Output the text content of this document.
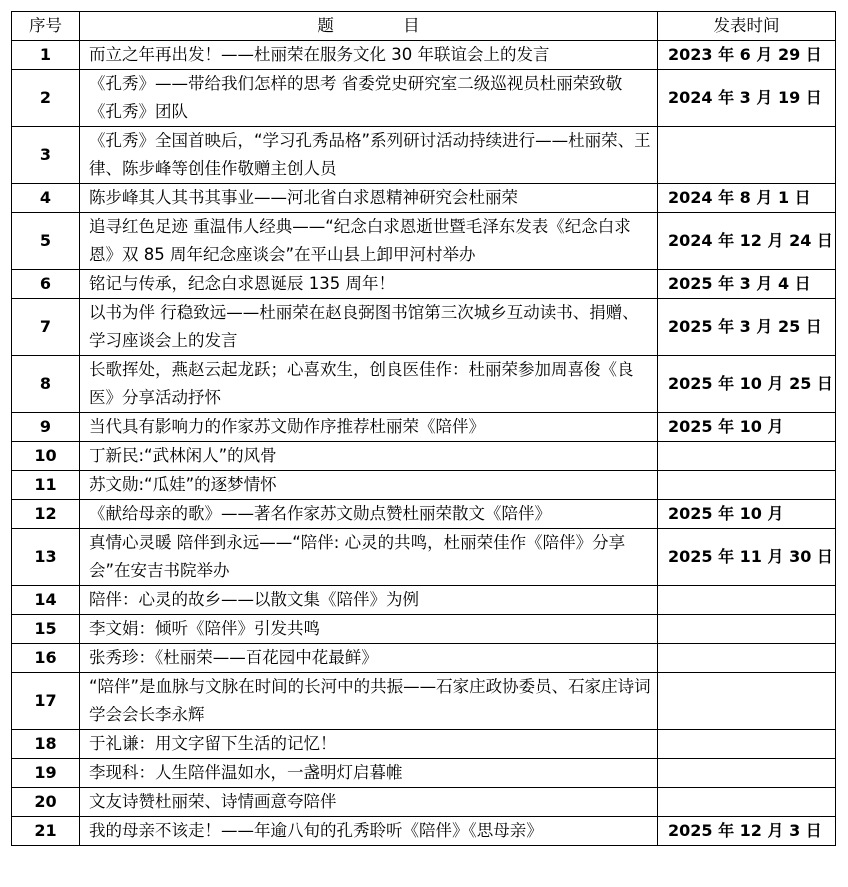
序号	题　目	发表时间
1	而立之年再出发！——杜丽荣在服务文化 30 年联谊会上的发言	2023 年 6 月 29 日
2	《孔秀》——带给我们怎样的思考 省委党史研究室二级巡视员杜丽荣致敬《孔秀》团队	2024 年 3 月 19 日
3	《孔秀》全国首映后，“学习孔秀品格”系列研讨活动持续进行——杜丽荣、王律、陈步峰等创佳作敬赠主创人员	
4	陈步峰其人其书其事业——河北省白求恩精神研究会杜丽荣	2024 年 8 月 1 日
5	追寻红色足迹 重温伟人经典——“纪念白求恩逝世暨毛泽东发表《纪念白求恩》双 85 周年纪念座谈会”在平山县上卸甲河村举办	2024 年 12 月 24 日
6	铭记与传承，纪念白求恩诞辰 135 周年！	2025 年 3 月 4 日
7	以书为伴 行稳致远——杜丽荣在赵良弼图书馆第三次城乡互动读书、捐赠、学习座谈会上的发言	2025 年 3 月 25 日
8	长歌挥处，燕赵云起龙跃；心喜欢生，创良医佳作：杜丽荣参加周喜俊《良医》分享活动抒怀	2025 年 10 月 25 日
9	当代具有影响力的作家苏文勋作序推荐杜丽荣《陪伴》	2025 年 10 月
10	丁新民:“武林闲人”的风骨	
11	苏文勋:“瓜娃”的逐梦情怀	
12	《献给母亲的歌》——著名作家苏文勋点赞杜丽荣散文《陪伴》	2025 年 10 月
13	真情心灵暖 陪伴到永远——“陪伴: 心灵的共鸣，杜丽荣佳作《陪伴》分享会”在安吉书院举办	2025 年 11 月 30 日
14	陪伴：心灵的故乡——以散文集《陪伴》为例	
15	李文娟：倾听《陪伴》引发共鸣	
16	张秀珍：《杜丽荣——百花园中花最鲜》	
17	“陪伴”是血脉与文脉在时间的长河中的共振——石家庄政协委员、石家庄诗词学会会长李永辉	
18	于礼谦：用文字留下生活的记忆！	
19	李现科：人生陪伴温如水，一盏明灯启暮帷	
20	文友诗赞杜丽荣、诗情画意夸陪伴	
21	我的母亲不该走！——年逾八旬的孔秀聆听《陪伴》《思母亲》	2025 年 12 月 3 日
